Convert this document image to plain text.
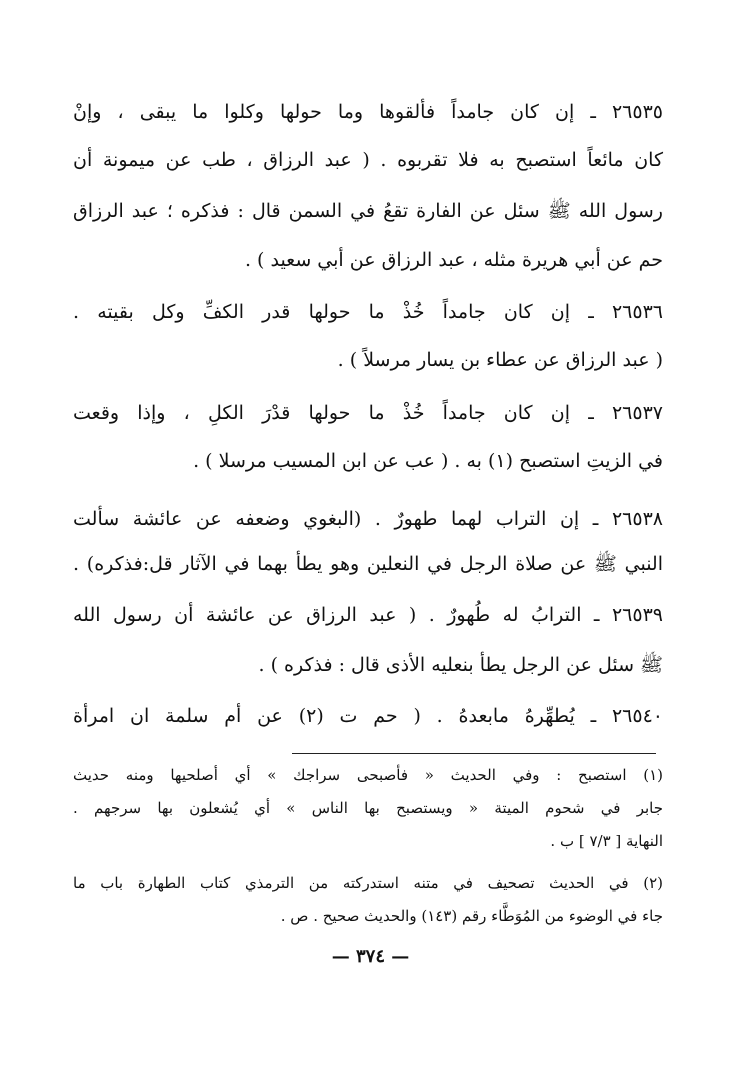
٢٦٥٣٥ ـ إن كان جامداً فألقوها وما حولها وكلوا ما يبقى ، وإنْ
كان مائعاً استصبح به فلا تقربوه . ( عبد الرزاق ، طب عن ميمونة أن
رسول الله ﷺ سئل عن الفارة تقعُ في السمن قال : فذكره ؛ عبد الرزاق
حم عن أبي هريرة مثله ، عبد الرزاق عن أبي سعيد ) .
٢٦٥٣٦ ـ إن كان جامداً خُذْ ما حولها قدر الكفِّ وكل بقيته .
( عبد الرزاق عن عطاء بن يسار مرسلاً ) .
٢٦٥٣٧ ـ إن كان جامداً خُذْ ما حولها قدْرَ الكلِ ، وإذا وقعت
في الزيتِ استصبح (١) به . ( عب عن ابن المسيب مرسلا ) .
٢٦٥٣٨ ـ إن التراب لهما طهورٌ . (البغوي وضعفه عن عائشة سألت
النبي ﷺ عن صلاة الرجل في النعلين وهو يطأ بهما في الآثار قل:فذكره) .
٢٦٥٣٩ ـ الترابُ له طُهورٌ . ( عبد الرزاق عن عائشة أن رسول الله
ﷺ سئل عن الرجل يطأ بنعليه الأذى قال : فذكره ) .
٢٦٥٤٠ ـ يُطهِّرهُ مابعدهُ . ( حم ت (٢) عن أم سلمة ان امرأة
(١) استصبح : وفي الحديث « فأصبحى سراجك » أي أصلحيها ومنه حديث
جابر في شحوم الميتة « ويستصبح بها الناس » أي يُشعلون بها سرجهم .
النهاية [ ٧/٣ ] ب .
(٢) في الحديث تصحيف في متنه استدركته من الترمذي كتاب الطهارة باب ما
جاء في الوضوء من المُوَطَّاء رقم (١٤٣) والحديث صحيح . ص .
— ٣٧٤ —
